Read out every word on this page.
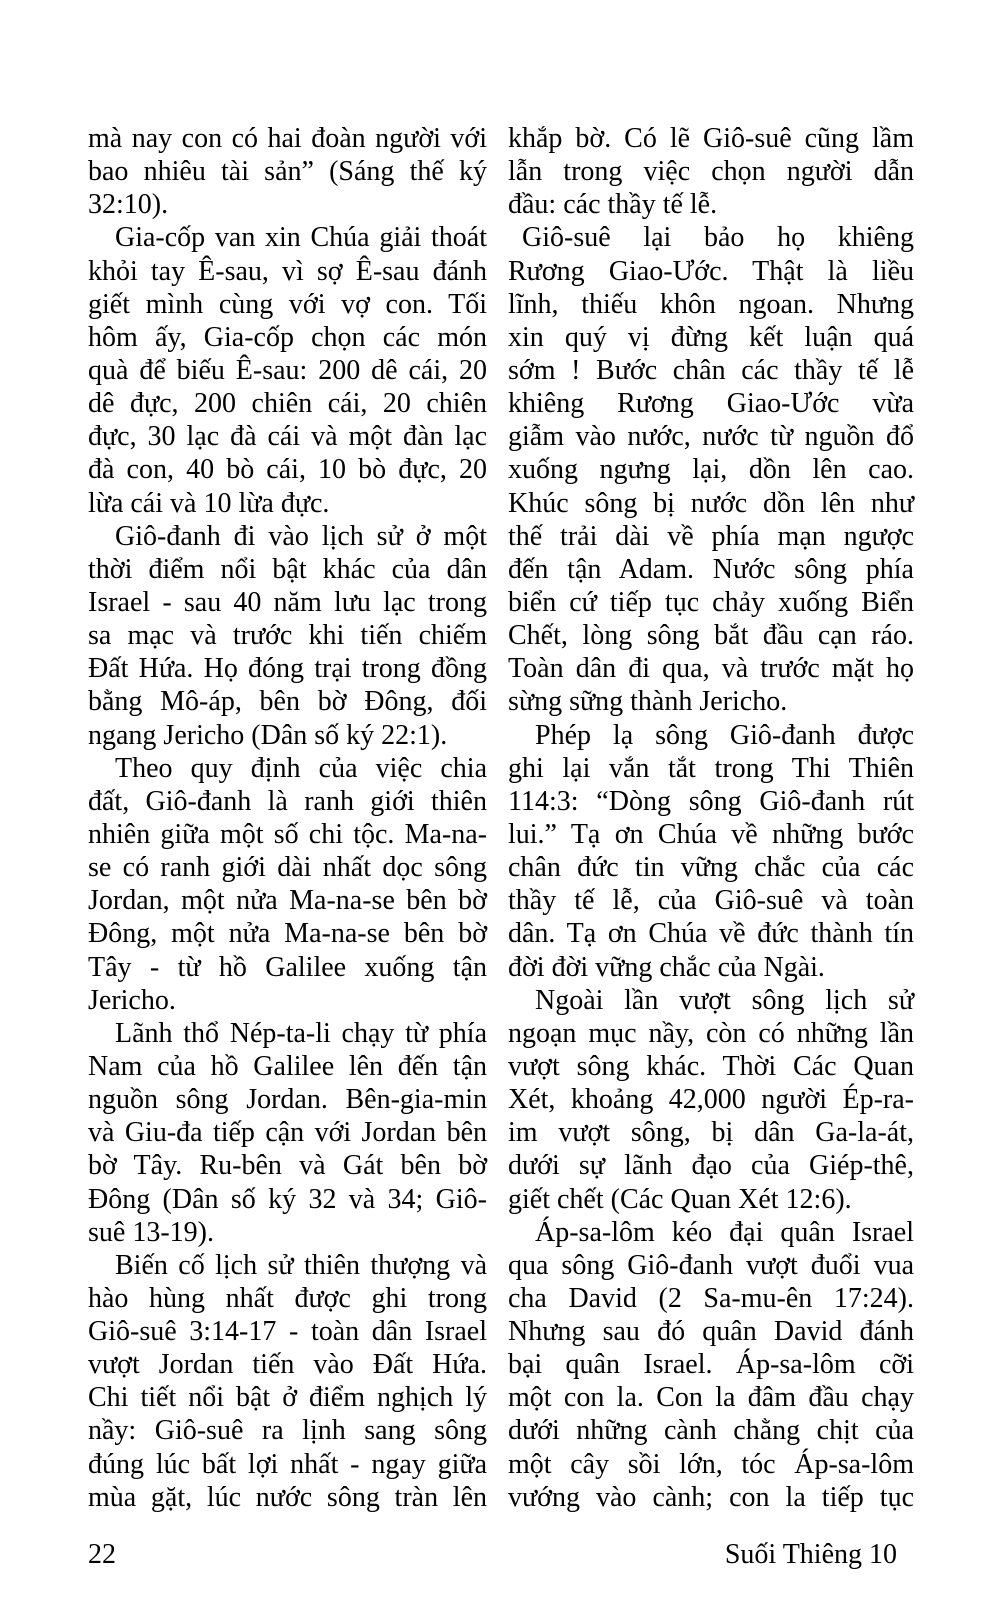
mà nay con có hai đoàn người với
bao nhiêu tài sản” (Sáng thế ký
32:10).
Gia-cốp van xin Chúa giải thoát
khỏi tay Ê-sau, vì sợ Ê-sau đánh
giết mình cùng với vợ con. Tối
hôm ấy, Gia-cốp chọn các món
quà để biếu Ê-sau: 200 dê cái, 20
dê đực, 200 chiên cái, 20 chiên
đực, 30 lạc đà cái và một đàn lạc
đà con, 40 bò cái, 10 bò đực, 20
lừa cái và 10 lừa đực.
Giô-đanh đi vào lịch sử ở một
thời điểm nổi bật khác của dân
Israel - sau 40 năm lưu lạc trong
sa mạc và trước khi tiến chiếm
Đất Hứa. Họ đóng trại trong đồng
bằng Mô-áp, bên bờ Đông, đối
ngang Jericho (Dân số ký 22:1).
Theo quy định của việc chia
đất, Giô-đanh là ranh giới thiên
nhiên giữa một số chi tộc. Ma-na-
se có ranh giới dài nhất dọc sông
Jordan, một nửa Ma-na-se bên bờ
Đông, một nửa Ma-na-se bên bờ
Tây - từ hồ Galilee xuống tận
Jericho.
Lãnh thổ Nép-ta-li chạy từ phía
Nam của hồ Galilee lên đến tận
nguồn sông Jordan. Bên-gia-min
và Giu-đa tiếp cận với Jordan bên
bờ Tây. Ru-bên và Gát bên bờ
Đông (Dân số ký 32 và 34; Giô-
suê 13-19).
Biến cố lịch sử thiên thượng và
hào hùng nhất được ghi trong
Giô-suê 3:14-17 - toàn dân Israel
vượt Jordan tiến vào Đất Hứa.
Chi tiết nổi bật ở điểm nghịch lý
nầy: Giô-suê ra lịnh sang sông
đúng lúc bất lợi nhất - ngay giữa
mùa gặt, lúc nước sông tràn lên
khắp bờ. Có lẽ Giô-suê cũng lầm
lẫn trong việc chọn người dẫn
đầu: các thầy tế lễ.
Giô-suê lại bảo họ khiêng
Rương Giao-Ước. Thật là liều
lĩnh, thiếu khôn ngoan. Nhưng
xin quý vị đừng kết luận quá
sớm ! Bước chân các thầy tế lễ
khiêng Rương Giao-Ước vừa
giẫm vào nước, nước từ nguồn đổ
xuống ngưng lại, dồn lên cao.
Khúc sông bị nước dồn lên như
thế trải dài về phía mạn ngược
đến tận Adam. Nước sông phía
biển cứ tiếp tục chảy xuống Biển
Chết, lòng sông bắt đầu cạn ráo.
Toàn dân đi qua, và trước mặt họ
sừng sững thành Jericho.
Phép lạ sông Giô-đanh được
ghi lại vắn tắt trong Thi Thiên
114:3: “Dòng sông Giô-đanh rút
lui.” Tạ ơn Chúa về những bước
chân đức tin vững chắc của các
thầy tế lễ, của Giô-suê và toàn
dân. Tạ ơn Chúa về đức thành tín
đời đời vững chắc của Ngài.
Ngoài lần vượt sông lịch sử
ngoạn mục nầy, còn có những lần
vượt sông khác. Thời Các Quan
Xét, khoảng 42,000 người Ép-ra-
im vượt sông, bị dân Ga-la-át,
dưới sự lãnh đạo của Giép-thê,
giết chết (Các Quan Xét 12:6).
Áp-sa-lôm kéo đại quân Israel
qua sông Giô-đanh vượt đuổi vua
cha David (2 Sa-mu-ên 17:24).
Nhưng sau đó quân David đánh
bại quân Israel. Áp-sa-lôm cỡi
một con la. Con la đâm đầu chạy
dưới những cành chằng chịt của
một cây sồi lớn, tóc Áp-sa-lôm
vướng vào cành; con la tiếp tục
22	Suối Thiêng 10
